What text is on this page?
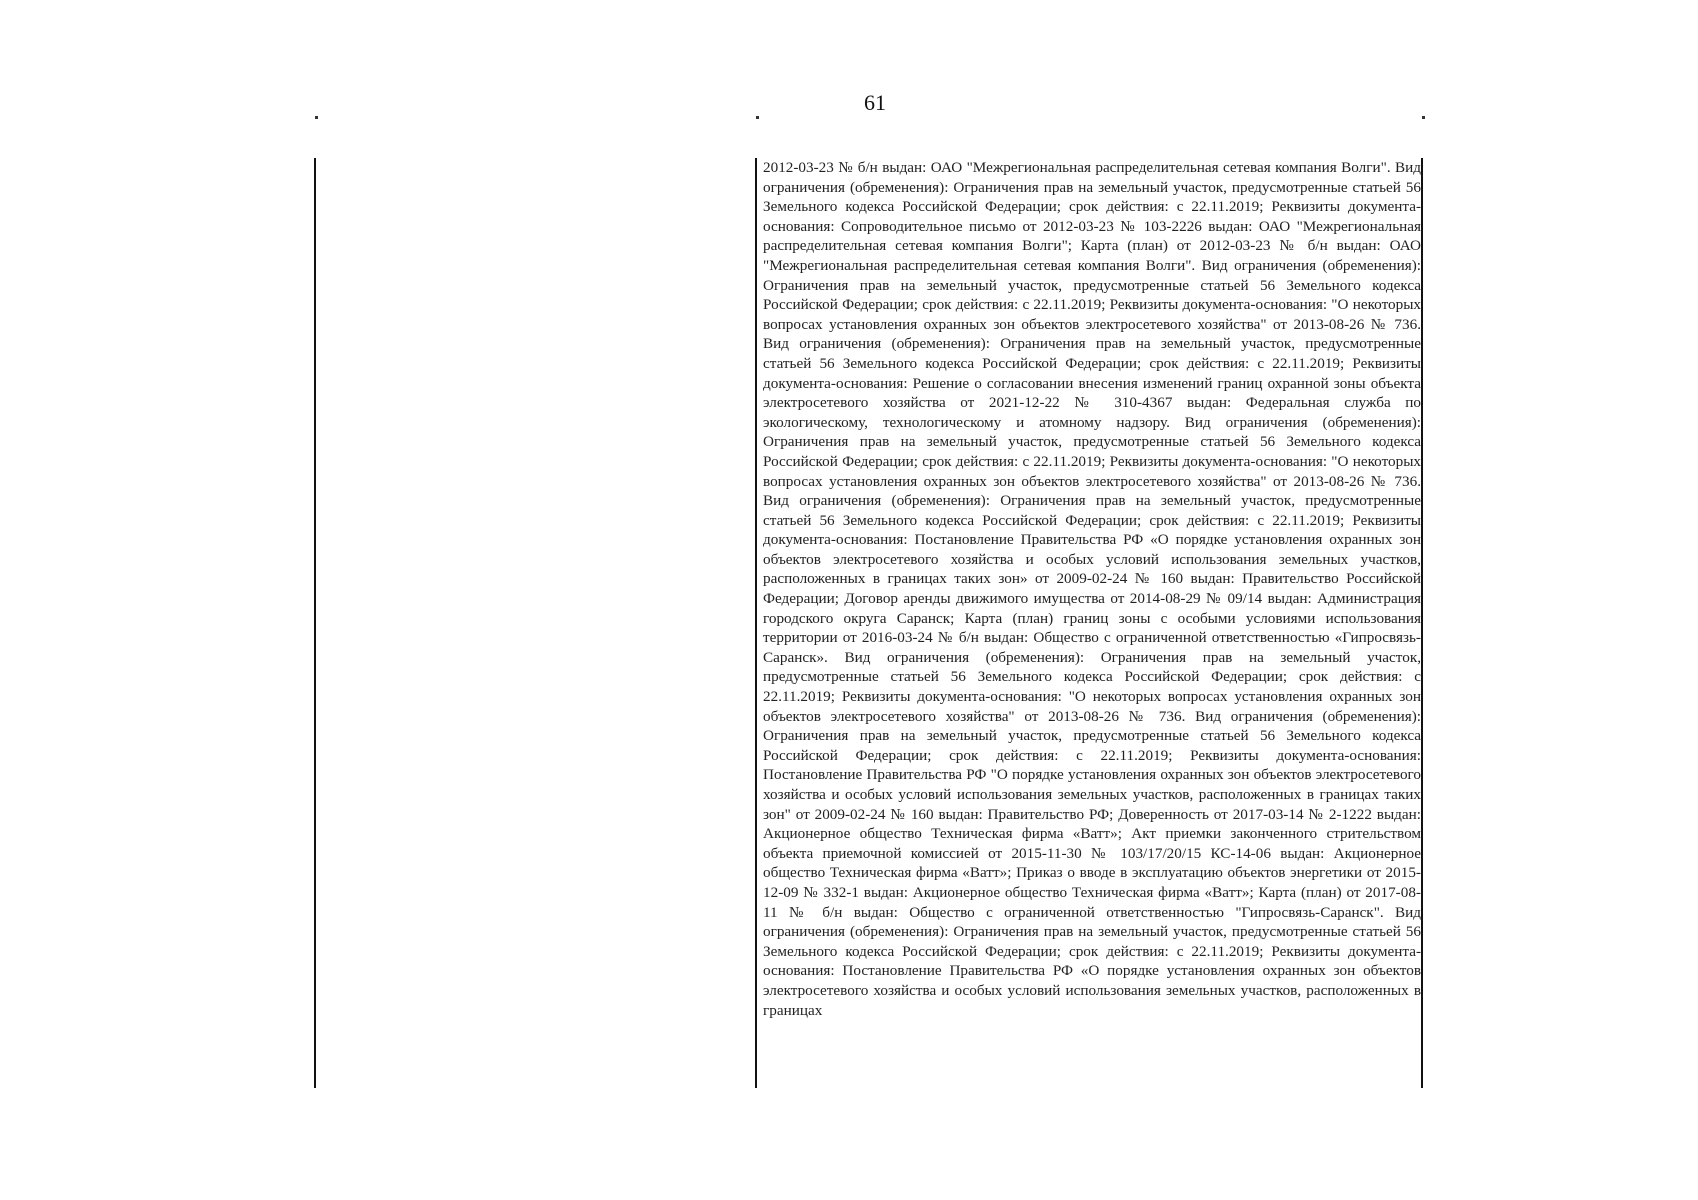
61

2012-03-23 № б/н выдан: ОАО "Межрегиональная распределительная сетевая компания Волги". Вид ограничения (обременения): Ограничения прав на земельный участок, предусмотренные статьей 56 Земельного кодекса Российской Федерации; срок действия: с 22.11.2019; Реквизиты документа-основания: Сопроводительное письмо от 2012-03-23 № 103-2226 выдан: ОАО "Межрегиональная распределительная сетевая компания Волги"; Карта (план) от 2012-03-23 № б/н выдан: ОАО "Межрегиональная распределительная сетевая компания Волги". Вид ограничения (обременения): Ограничения прав на земельный участок, предусмотренные статьей 56 Земельного кодекса Российской Федерации; срок действия: с 22.11.2019; Реквизиты документа-основания: "О некоторых вопросах установления охранных зон объектов электросетевого хозяйства" от 2013-08-26 № 736. Вид ограничения (обременения): Ограничения прав на земельный участок, предусмотренные статьей 56 Земельного кодекса Российской Федерации; срок действия: с 22.11.2019; Реквизиты документа-основания: Решение о согласовании внесения изменений границ охранной зоны объекта электросетевого хозяйства от 2021-12-22 № 310-4367 выдан: Федеральная служба по экологическому, технологическому и атомному надзору. Вид ограничения (обременения): Ограничения прав на земельный участок, предусмотренные статьей 56 Земельного кодекса Российской Федерации; срок действия: с 22.11.2019; Реквизиты документа-основания: "О некоторых вопросах установления охранных зон объектов электросетевого хозяйства" от 2013-08-26 № 736. Вид ограничения (обременения): Ограничения прав на земельный участок, предусмотренные статьей 56 Земельного кодекса Российской Федерации; срок действия: с 22.11.2019; Реквизиты документа-основания: Постановление Правительства РФ «О порядке установления охранных зон объектов электросетевого хозяйства и особых условий использования земельных участков, расположенных в границах таких зон» от 2009-02-24 № 160 выдан: Правительство Российской Федерации; Договор аренды движимого имущества от 2014-08-29 № 09/14 выдан: Администрация городского округа Саранск; Карта (план) границ зоны с особыми условиями использования территории от 2016-03-24 № б/н выдан: Общество с ограниченной ответственностью «Гипросвязь-Саранск». Вид ограничения (обременения): Ограничения прав на земельный участок, предусмотренные статьей 56 Земельного кодекса Российской Федерации; срок действия: с 22.11.2019; Реквизиты документа-основания: "О некоторых вопросах установления охранных зон объектов электросетевого хозяйства" от 2013-08-26 № 736. Вид ограничения (обременения): Ограничения прав на земельный участок, предусмотренные статьей 56 Земельного кодекса Российской Федерации; срок действия: с 22.11.2019; Реквизиты документа-основания: Постановление Правительства РФ "О порядке установления охранных зон объектов электросетевого хозяйства и особых условий использования земельных участков, расположенных в границах таких зон" от 2009-02-24 № 160 выдан: Правительство РФ; Доверенность от 2017-03-14 № 2-1222 выдан: Акционерное общество Техническая фирма «Ватт»; Акт приемки законченного стрительством объекта приемочной комиссией от 2015-11-30 № 103/17/20/15 КС-14-06 выдан: Акционерное общество Техническая фирма «Ватт»; Приказ о вводе в эксплуатацию объектов энергетики от 2015-12-09 № 332-1 выдан: Акционерное общество Техническая фирма «Ватт»; Карта (план) от 2017-08-11 № б/н выдан: Общество с ограниченной ответственностью "Гипросвязь-Саранск". Вид ограничения (обременения): Ограничения прав на земельный участок, предусмотренные статьей 56 Земельного кодекса Российской Федерации; срок действия: с 22.11.2019; Реквизиты документа-основания: Постановление Правительства РФ «О порядке установления охранных зон объектов электросетевого хозяйства и особых условий использования земельных участков, расположенных в границах
